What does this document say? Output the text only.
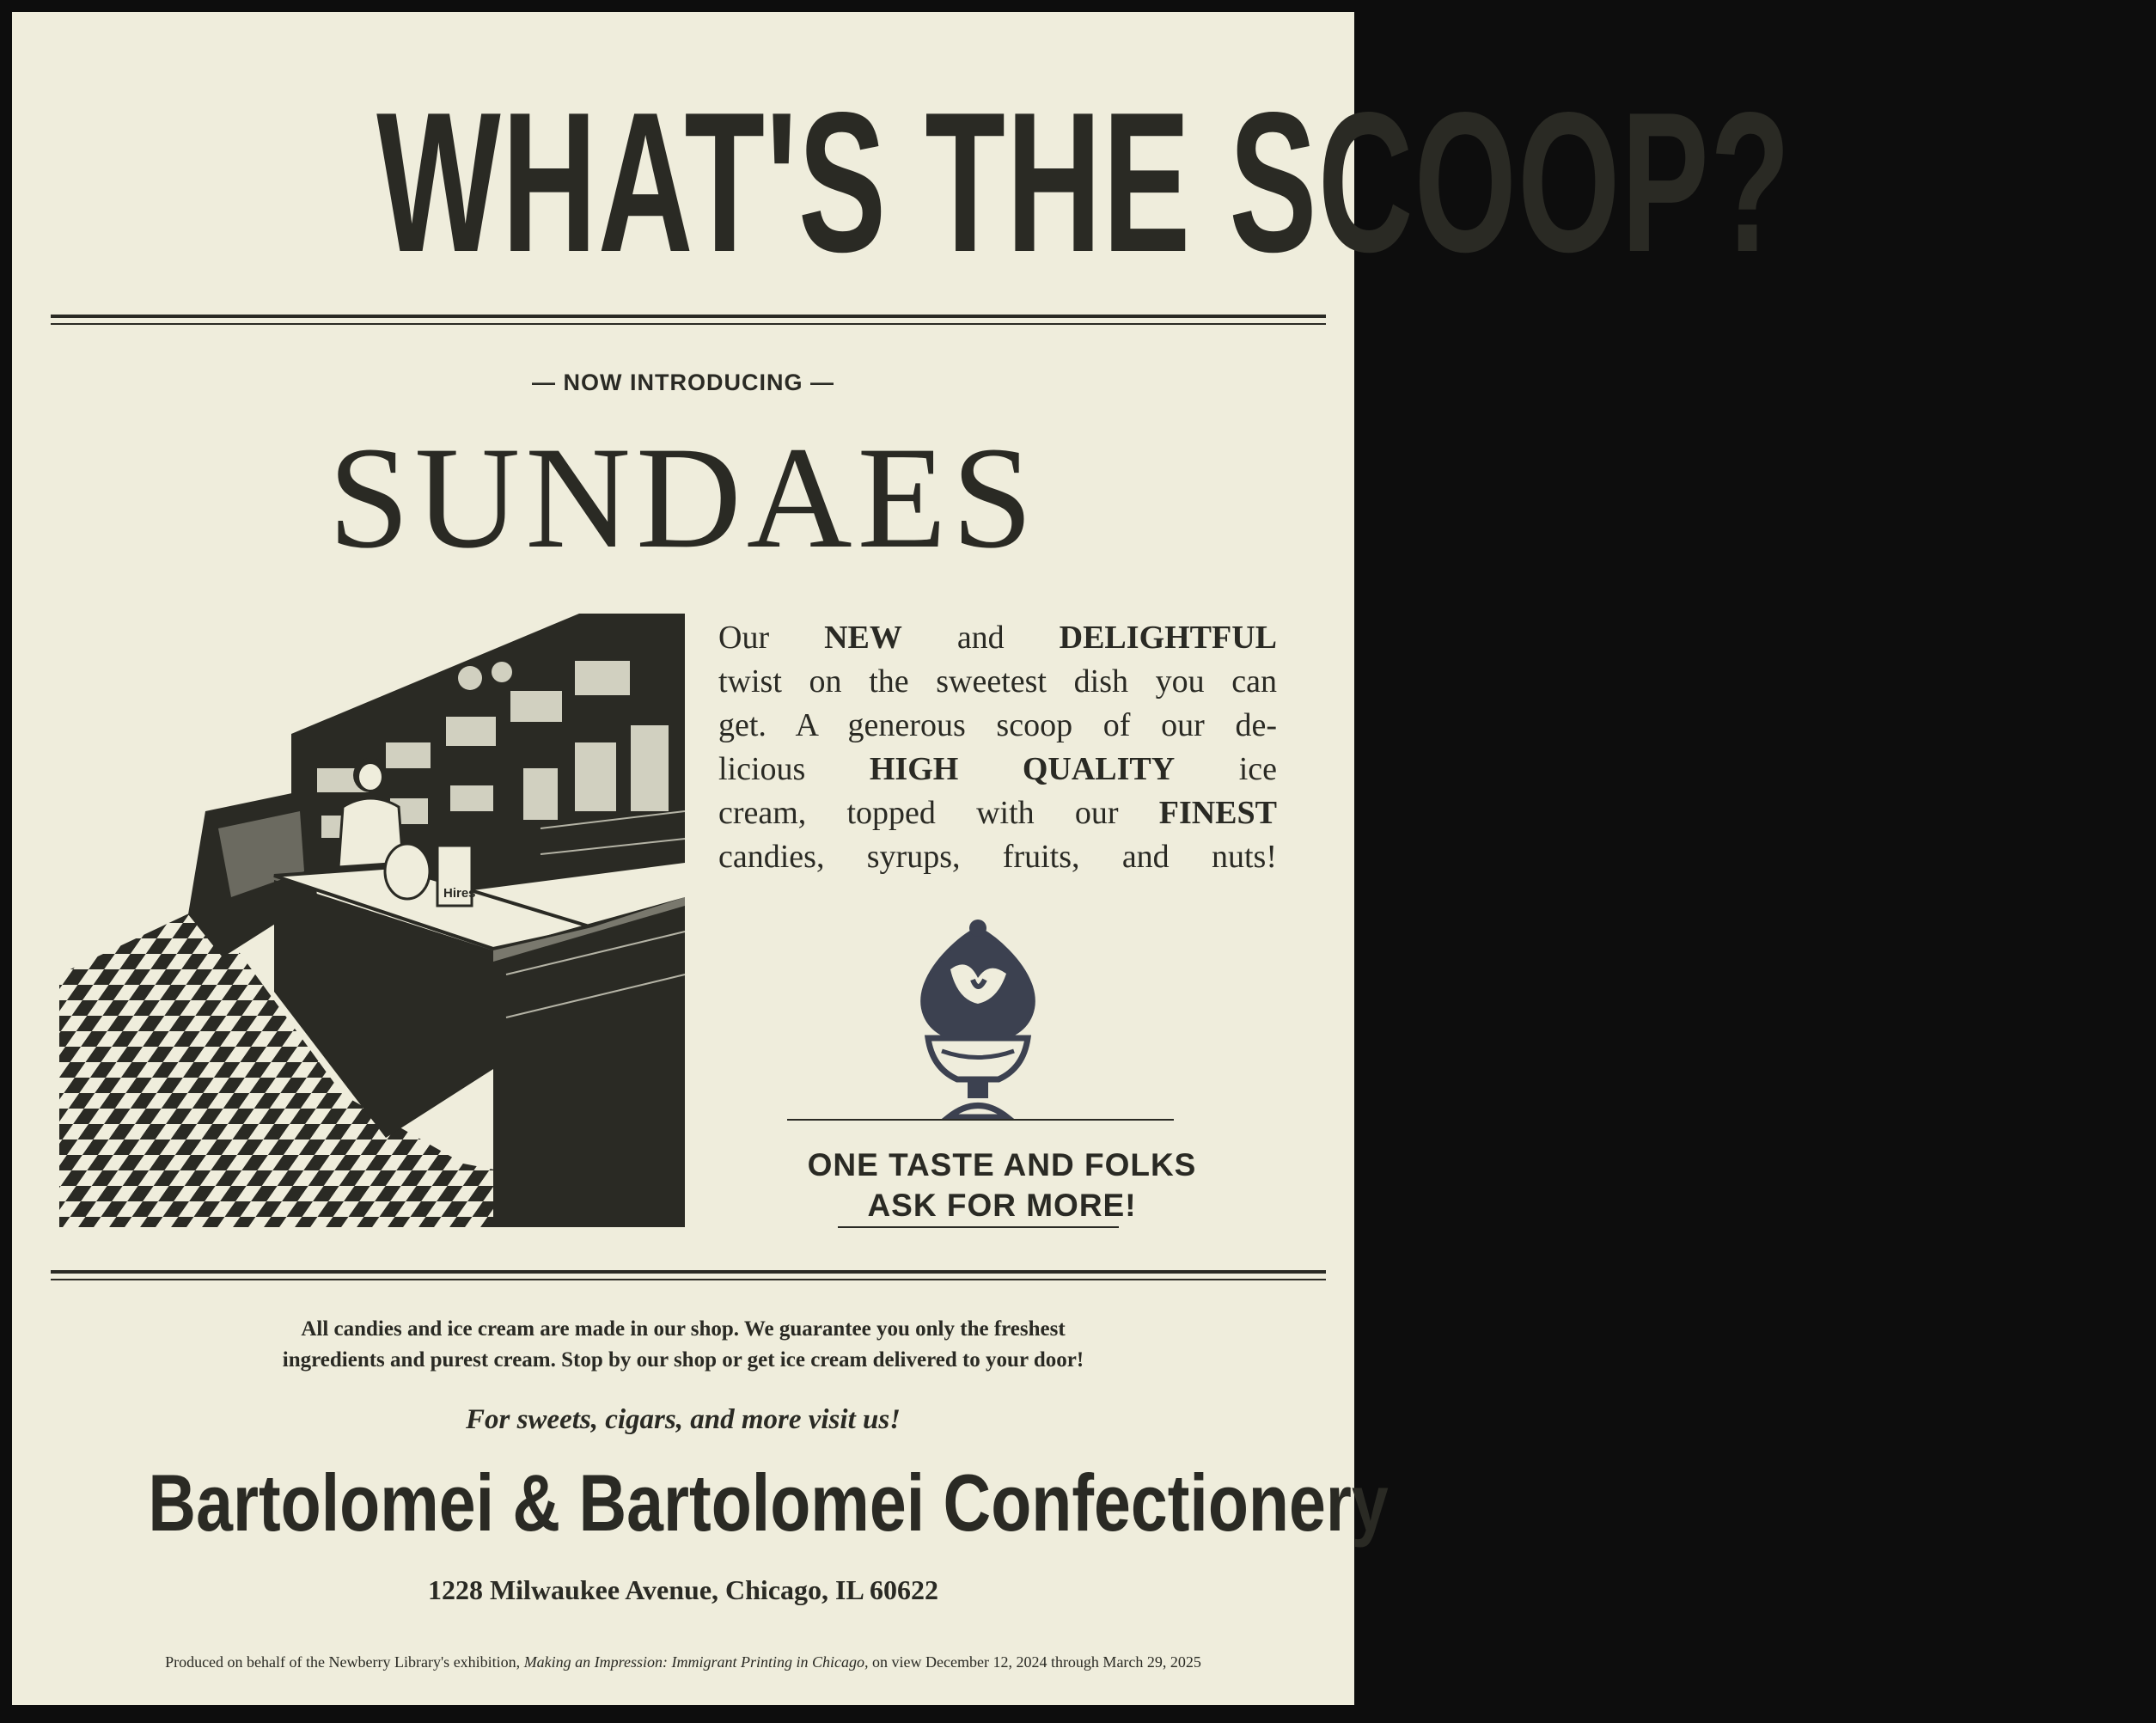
WHAT'S THE SCOOP?
— NOW INTRODUCING —
SUNDAES
Hires
Our NEW and DELIGHTFUL
twist on the sweetest dish you can
get. A generous scoop of our de-
licious HIGH QUALITY ice
cream, topped with our FINEST
candies, syrups, fruits, and nuts!
ONE TASTE AND FOLKS
ASK FOR MORE!
All candies and ice cream are made in our shop. We guarantee you only the freshest
ingredients and purest cream. Stop by our shop or get ice cream delivered to your door!
For sweets, cigars, and more visit us!
Bartolomei & Bartolomei Confectionery
1228 Milwaukee Avenue, Chicago, IL 60622
Produced on behalf of the Newberry Library's exhibition, Making an Impression: Immigrant Printing in Chicago, on view December 12, 2024 through March 29, 2025
